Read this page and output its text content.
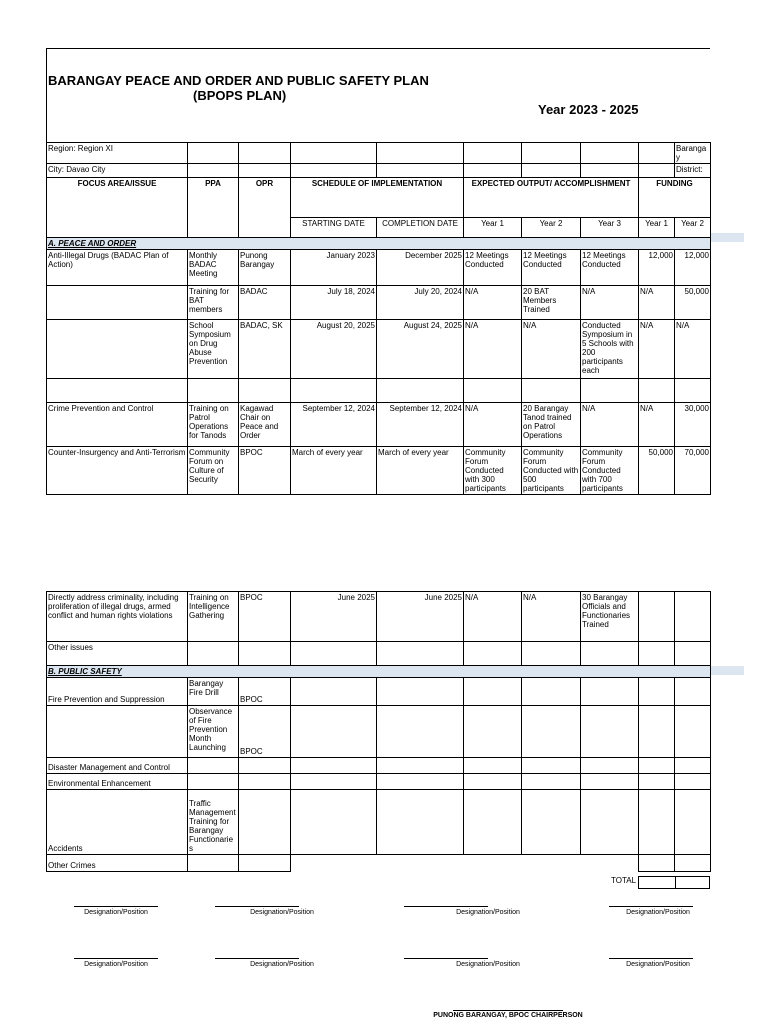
BARANGAY PEACE AND ORDER AND PUBLIC SAFETY PLAN
(BPOPS PLAN)
Year 2023 - 2025
Region: Region XI									Barangay
City: Davao City									District:
FOCUS AREA/ISSUE	PPA	OPR	SCHEDULE OF IMPLEMENTATION		EXPECTED OUTPUT/ ACCOMPLISHMENT			FUNDING	
			STARTING DATE	COMPLETION DATE	Year 1	Year 2	Year 3	Year 1	Year 2
A. PEACE AND ORDER									
Anti-Illegal Drugs (BADAC Plan of Action)	Monthly BADAC Meeting	Punong Barangay	January 2023	December 2025	12 Meetings Conducted	12 Meetings Conducted	12 Meetings Conducted	12,000	12,000
	Training for BAT members	BADAC	July 18, 2024	July 20, 2024	N/A	20 BAT Members Trained	N/A	N/A	50,000
	School Symposium on Drug Abuse Prevention	BADAC, SK	August 20, 2025	August 24, 2025	N/A	N/A	Conducted Symposium in 5 Schools with 200 participants each	N/A	N/A

Crime Prevention and Control	Training on Patrol Operations for Tanods	Kagawad Chair on Peace and Order	September 12, 2024	September 12, 2024	N/A	20 Barangay Tanod trained on Patrol Operations	N/A	N/A	30,000
Counter-Insurgency and Anti-Terrorism	Community Forum on Culture of Security	BPOC	March of every year	March of every year	Community Forum Conducted with 300 participants	Community Forum Conducted with 500 participants	Community Forum Conducted with 700 participants	50,000	70,000
Directly address criminality, including proliferation of illegal drugs, armed conflict and human rights violations	Training on Intelligence Gathering	BPOC	June 2025	June 2025	N/A	N/A	30 Barangay Officials and Functionaries Trained		
Other issues									
B. PUBLIC SAFETY									
Fire Prevention and Suppression	Barangay Fire Drill	BPOC							
	Observance of Fire Prevention Month Launching	BPOC							
Disaster Management and Control									
Environmental Enhancement									
Accidents	Traffic Management Training for Barangay Functionaries								
Other Crimes									
TOTAL
Designation/Position	Designation/Position	Designation/Position	Designation/Position
Designation/Position	Designation/Position	Designation/Position	Designation/Position
PUNONG BARANGAY, BPOC CHAIRPERSON
